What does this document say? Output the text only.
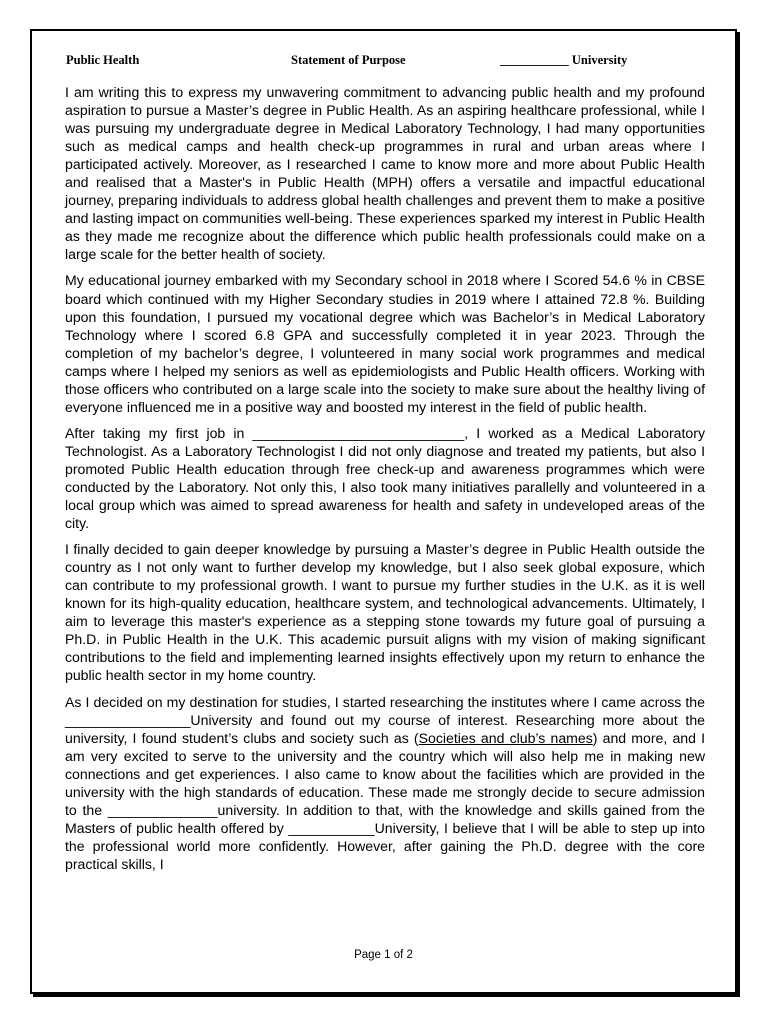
Public Health	Statement of Purpose	___________ University

I am writing this to express my unwavering commitment to advancing public health and my profound aspiration to pursue a Master’s degree in Public Health. As an aspiring healthcare professional, while I was pursuing my undergraduate degree in Medical Laboratory Technology, I had many opportunities such as medical camps and health check-up programmes in rural and urban areas where I participated actively. Moreover, as I researched I came to know more and more about Public Health and realised that a Master's in Public Health (MPH) offers a versatile and impactful educational journey, preparing individuals to address global health challenges and prevent them to make a positive and lasting impact on communities well-being. These experiences sparked my interest in Public Health as they made me recognize about the difference which public health professionals could make on a large scale for the better health of society.

My educational journey embarked with my Secondary school in 2018 where I Scored 54.6 % in CBSE board which continued with my Higher Secondary studies in 2019 where I attained 72.8 %. Building upon this foundation, I pursued my vocational degree which was Bachelor’s in Medical Laboratory Technology where I scored 6.8 GPA and successfully completed it in year 2023. Through the completion of my bachelor’s degree, I volunteered in many social work programmes and medical camps where I helped my seniors as well as epidemiologists and Public Health officers. Working with those officers who contributed on a large scale into the society to make sure about the healthy living of everyone influenced me in a positive way and boosted my interest in the field of public health.

After taking my first job in ___________________________, I worked as a Medical Laboratory Technologist. As a Laboratory Technologist I did not only diagnose and treated my patients, but also I promoted Public Health education through free check-up and awareness programmes which were conducted by the Laboratory. Not only this, I also took many initiatives parallelly and volunteered in a local group which was aimed to spread awareness for health and safety in undeveloped areas of the city.

I finally decided to gain deeper knowledge by pursuing a Master’s degree in Public Health outside the country as I not only want to further develop my knowledge, but I also seek global exposure, which can contribute to my professional growth. I want to pursue my further studies in the U.K. as it is well known for its high-quality education, healthcare system, and technological advancements. Ultimately, I aim to leverage this master's experience as a stepping stone towards my future goal of pursuing a Ph.D. in Public Health in the U.K. This academic pursuit aligns with my vision of making significant contributions to the field and implementing learned insights effectively upon my return to enhance the public health sector in my home country.

As I decided on my destination for studies, I started researching the institutes where I came across the ________________University and found out my course of interest. Researching more about the university, I found student’s clubs and society such as (Societies and club’s names) and more, and I am very excited to serve to the university and the country which will also help me in making new connections and get experiences. I also came to know about the facilities which are provided in the university with the high standards of education. These made me strongly decide to secure admission to the ______________university. In addition to that, with the knowledge and skills gained from the Masters of public health offered by ___________University, I believe that I will be able to step up into the professional world more confidently. However, after gaining the Ph.D. degree with the core practical skills, I

Page 1 of 2
